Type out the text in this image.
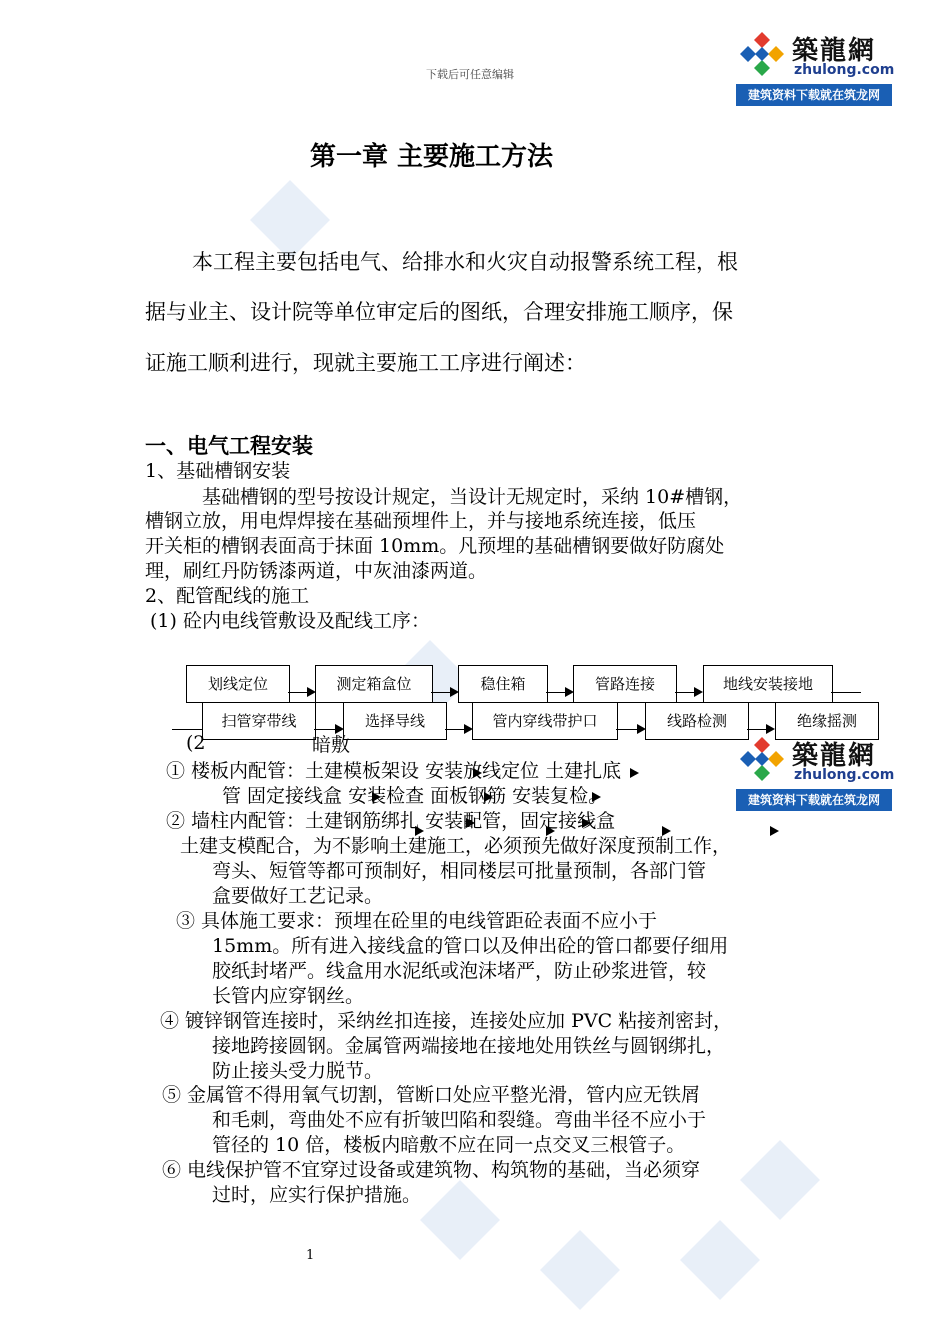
下载后可任意编辑
築龍網
zhulong.com
建筑资料下载就在筑龙网
第一章 主要施工方法
本工程主要包括电气、给排水和火灾自动报警系统工程，根
据与业主、设计院等单位审定后的图纸，合理安排施工顺序，保
证施工顺利进行，现就主要施工工序进行阐述：
一、电气工程安装
1、基础槽钢安装
基础槽钢的型号按设计规定，当设计无规定时，采纳 10#槽钢，
槽钢立放，用电焊焊接在基础预埋件上，并与接地系统连接，低压
开关柜的槽钢表面高于抹面 10mm。凡预埋的基础槽钢要做好防腐处
理，刷红丹防锈漆两道，中灰油漆两道。
2、配管配线的施工
(1) 砼内电线管敷设及配线工序：
划线定位	测定箱盒位	稳住箱	管路连接	地线安装接地
扫管穿带线	选择导线	管内穿线带护口	线路检测	绝缘摇测
(2	暗敷
① 楼板内配管：土建模板架设 安装放线定位 土建扎底
管 固定接线盒 安装检查 面板钢筋 安装复检。
② 墙柱内配管：土建钢筋绑扎 安装配管，固定接线盒
土建支模配合，为不影响土建施工，必须预先做好深度预制工作，
弯头、短管等都可预制好，相同楼层可批量预制，各部门管
盒要做好工艺记录。
③ 具体施工要求：预埋在砼里的电线管距砼表面不应小于
15mm。所有进入接线盒的管口以及伸出砼的管口都要仔细用
胶纸封堵严。线盒用水泥纸或泡沫堵严，防止砂浆进管，较
长管内应穿钢丝。
④ 镀锌钢管连接时，采纳丝扣连接，连接处应加 PVC 粘接剂密封，
接地跨接圆钢。金属管两端接地在接地处用铁丝与圆钢绑扎，
防止接头受力脱节。
⑤ 金属管不得用氧气切割，管断口处应平整光滑，管内应无铁屑
和毛刺，弯曲处不应有折皱凹陷和裂缝。弯曲半径不应小于
管径的 10 倍，楼板内暗敷不应在同一点交叉三根管子。
⑥ 电线保护管不宜穿过设备或建筑物、构筑物的基础，当必须穿
过时，应实行保护措施。
築龍網
zhulong.com
建筑资料下载就在筑龙网
1
